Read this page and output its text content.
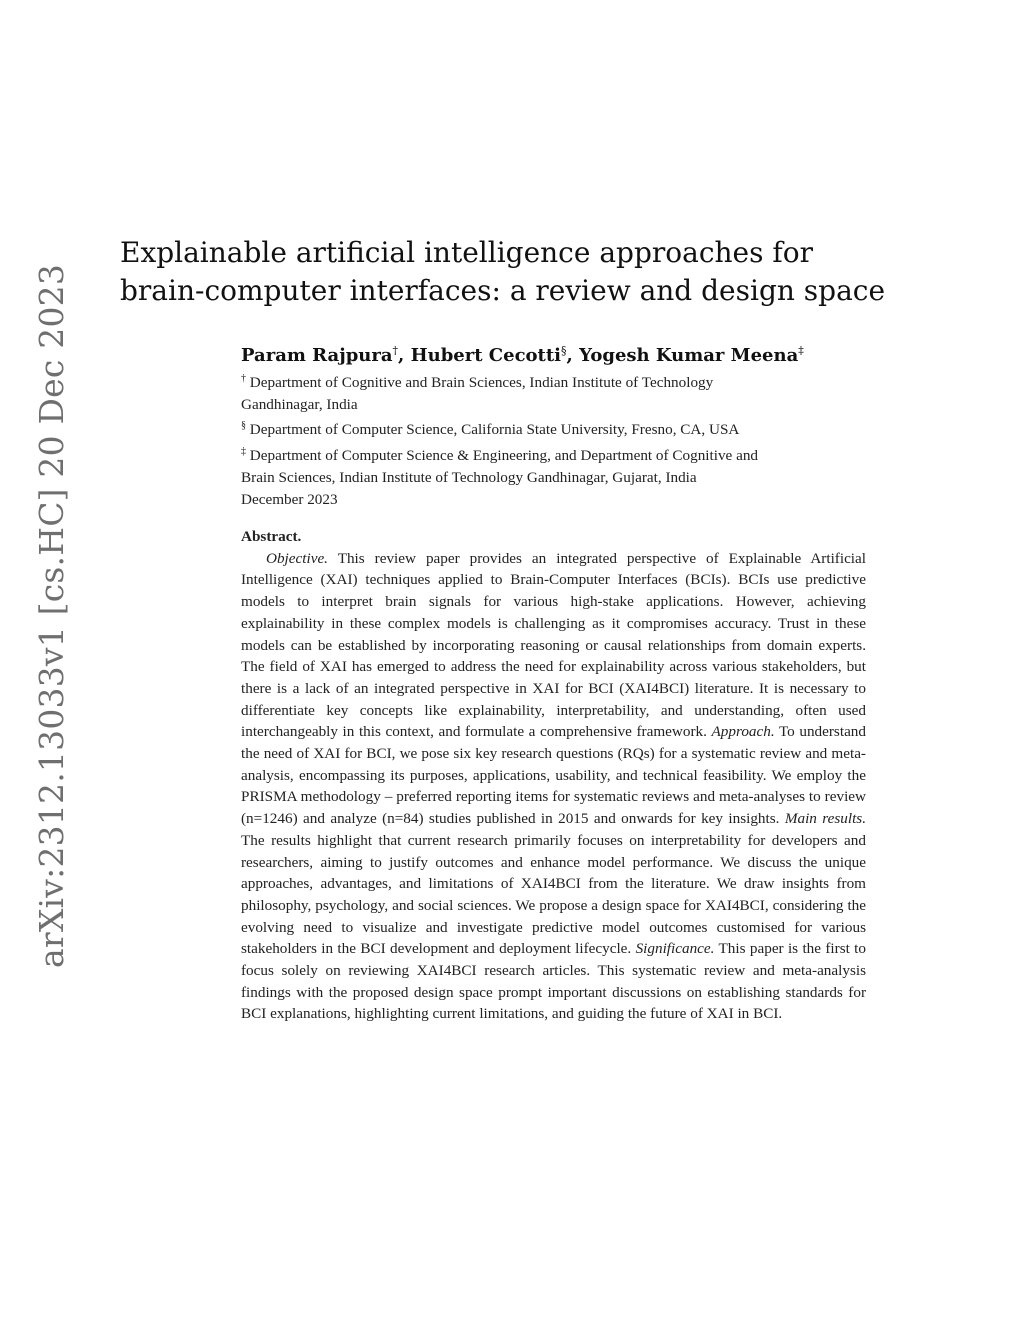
arXiv:2312.13033v1 [cs.HC] 20 Dec 2023
Explainable artificial intelligence approaches for
brain-computer interfaces: a review and design space
Param Rajpura†, Hubert Cecotti§, Yogesh Kumar Meena‡
† Department of Cognitive and Brain Sciences, Indian Institute of Technology
Gandhinagar, India
§ Department of Computer Science, California State University, Fresno, CA, USA
‡ Department of Computer Science & Engineering, and Department of Cognitive and
Brain Sciences, Indian Institute of Technology Gandhinagar, Gujarat, India
December 2023
Abstract.

Objective. This review paper provides an integrated perspective of Explainable Artificial Intelligence (XAI) techniques applied to Brain-Computer Interfaces (BCIs). BCIs use predictive models to interpret brain signals for various high-stake applications. However, achieving explainability in these complex models is challenging as it compromises accuracy. Trust in these models can be established by incorporating reasoning or causal relationships from domain experts. The field of XAI has emerged to address the need for explainability across various stakeholders, but there is a lack of an integrated perspective in XAI for BCI (XAI4BCI) literature. It is necessary to differentiate key concepts like explainability, interpretability, and understanding, often used interchangeably in this context, and formulate a comprehensive framework. Approach. To understand the need of XAI for BCI, we pose six key research questions (RQs) for a systematic review and meta-analysis, encompassing its purposes, applications, usability, and technical feasibility. We employ the PRISMA methodology – preferred reporting items for systematic reviews and meta-analyses to review (n=1246) and analyze (n=84) studies published in 2015 and onwards for key insights. Main results. The results highlight that current research primarily focuses on interpretability for developers and researchers, aiming to justify outcomes and enhance model performance. We discuss the unique approaches, advantages, and limitations of XAI4BCI from the literature. We draw insights from philosophy, psychology, and social sciences. We propose a design space for XAI4BCI, considering the evolving need to visualize and investigate predictive model outcomes customised for various stakeholders in the BCI development and deployment lifecycle. Significance. This paper is the first to focus solely on reviewing XAI4BCI research articles. This systematic review and meta-analysis findings with the proposed design space prompt important discussions on establishing standards for BCI explanations, highlighting current limitations, and guiding the future of XAI in BCI.
